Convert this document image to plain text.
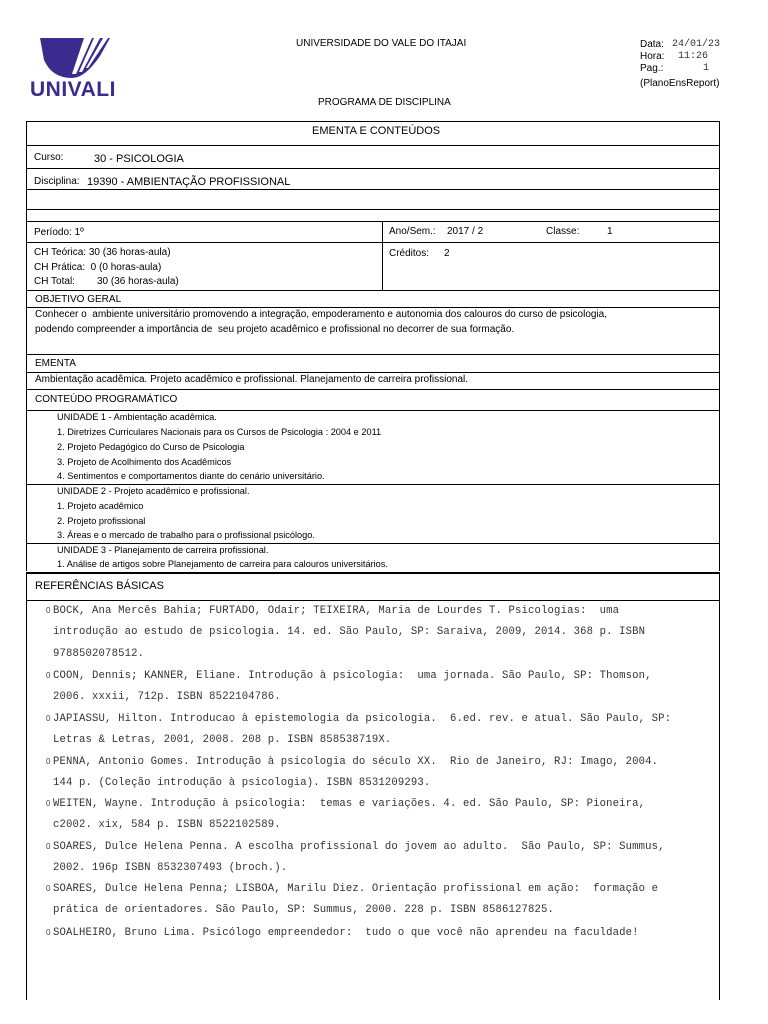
UNIVALI
UNIVERSIDADE DO VALE DO ITAJAI
PROGRAMA DE DISCIPLINA
Data: 24/01/23
Hora: 11:26
Pag.:	1
(PlanoEnsReport)
EMENTA E CONTEÚDOS
Curso:	30 - PSICOLOGIA
Disciplina: 19390 - AMBIENTAÇÃO PROFISSIONAL
Período: 1º	Ano/Sem.: 2017 / 2	Classe:	1
CH Teórica: 30 (36 horas-aula)
CH Prática:  0 (0 horas-aula)
CH Total: 30 (36 horas-aula)
Créditos: 2
OBJETIVO GERAL
Conhecer o  ambiente universitário promovendo a integração, empoderamento e autonomia dos calouros do curso de psicologia,
podendo compreender a importância de  seu projeto acadêmico e profissional no decorrer de sua formação.
EMENTA
Ambientação acadêmica. Projeto acadêmico e profissional. Planejamento de carreira profissional.
CONTEÚDO PROGRAMÁTICO
UNIDADE 1 - Ambientação acadêmica.
1. Diretrizes Curriculares Nacionais para os Cursos de Psicologia : 2004 e 2011
2. Projeto Pedagógico do Curso de Psicologia
3. Projeto de Acolhimento dos Acadêmicos
4. Sentimentos e comportamentos diante do cenário universitário.
UNIDADE 2 - Projeto acadêmico e profissional.
1. Projeto acadêmico
2. Projeto profissional
3. Áreas e o mercado de trabalho para o profissional psicólogo.
UNIDADE 3 - Planejamento de carreira profissional.
1. Análise de artigos sobre Planejamento de carreira para calouros universitários.
REFERÊNCIAS BÁSICAS
0 BOCK, Ana Mercês Bahia; FURTADO, Odair; TEIXEIRA, Maria de Lourdes T. Psicologias:  uma
introdução ao estudo de psicologia. 14. ed. São Paulo, SP: Saraiva, 2009, 2014. 368 p. ISBN
9788502078512.
0 COON, Dennis; KANNER, Eliane. Introdução à psicologia:  uma jornada. São Paulo, SP: Thomson,
2006. xxxii, 712p. ISBN 8522104786.
0 JAPIASSU, Hilton. Introducao à epistemologia da psicologia.  6.ed. rev. e atual. São Paulo, SP:
Letras & Letras, 2001, 2008. 208 p. ISBN 858538719X.
0 PENNA, Antonio Gomes. Introdução à psicologia do século XX.  Rio de Janeiro, RJ: Imago, 2004.
144 p. (Coleção introdução à psicologia). ISBN 8531209293.
0 WEITEN, Wayne. Introdução à psicologia:  temas e variações. 4. ed. São Paulo, SP: Pioneira,
c2002. xix, 584 p. ISBN 8522102589.
0 SOARES, Dulce Helena Penna. A escolha profissional do jovem ao adulto.  São Paulo, SP: Summus,
2002. 196p ISBN 8532307493 (broch.).
0 SOARES, Dulce Helena Penna; LISBOA, Marilu Diez. Orientação profissional em ação:  formação e
prática de orientadores. São Paulo, SP: Summus, 2000. 228 p. ISBN 8586127825.
0 SOALHEIRO, Bruno Lima. Psicólogo empreendedor:  tudo o que você não aprendeu na faculdade!
